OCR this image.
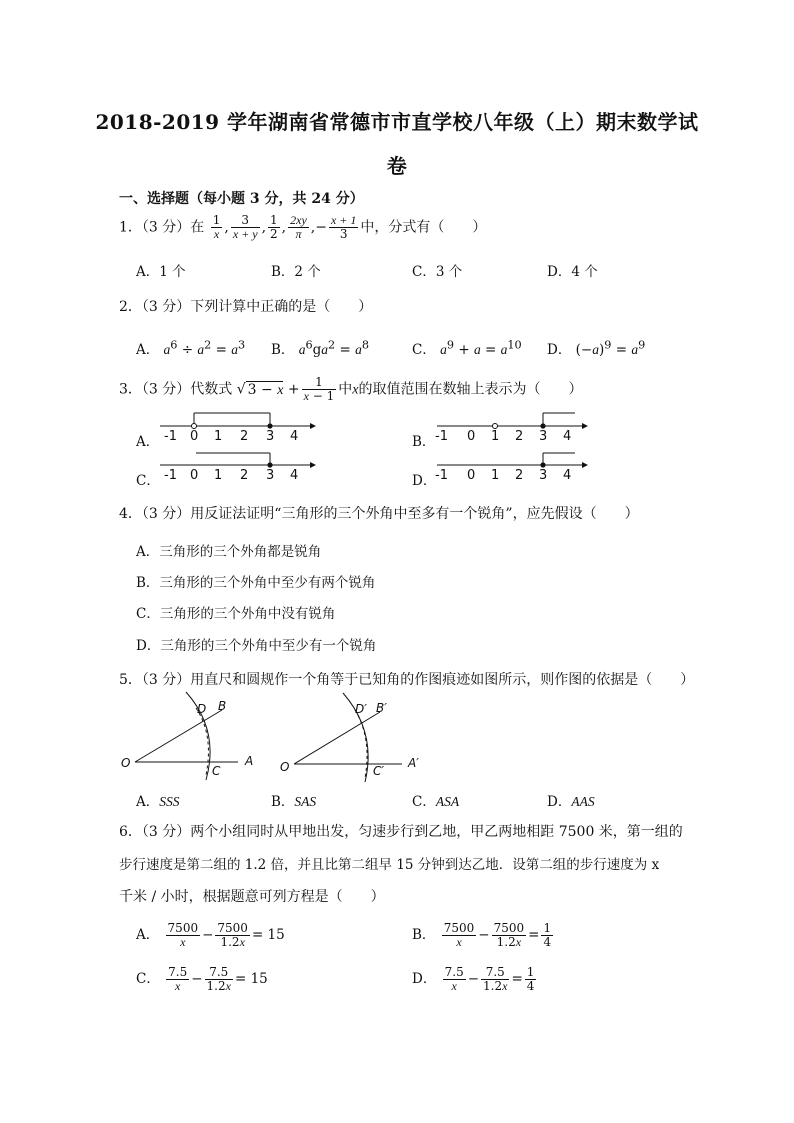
2018-2019 学年湖南省常德市市直学校八年级（上）期末数学试
卷
一、选择题（每小题 3 分，共 24 分）
1．（3 分）在 $\frac{1}{x}$ , $\frac{3}{x + y}$ , $\frac{1}{2}$ , $\frac{2xy}{\pi}$ ,− $\frac{x + 1}{3}$ 中，分式有（　　）
A．1 个	B．2 个	C．3 个	D．4 个
2．（3 分）下列计算中正确的是（　　）
A． $a^6 \div a^2 = a^3$ B． $a^6ga^2 = a^8$	C． $a^9 + a = a^{10}$ D． $(-a)^9 = a^9$
3．（3 分）代数式 √ $3 - x + \frac{1}{x - 1}$ 中x的取值范围在数轴上表示为（　　）
-1 0 1 2 3 4	-1 0 1 2 3 4
-1 0 1 2 3 4	-1 0 1 2 3 4
O
D B
C
A O
D′ B′
C′
A′
A．	B．
C．	D．
4．（3 分）用反证法证明“三角形的三个外角中至多有一个锐角”，应先假设（　　）
A．三角形的三个外角都是锐角
B．三角形的三个外角中至少有两个锐角
C．三角形的三个外角中没有锐角
D．三角形的三个外角中至少有一个锐角
5．（3 分）用直尺和圆规作一个角等于已知角的作图痕迹如图所示，则作图的依据是（　　）
A．SSS	B．SAS	C．ASA	D．AAS
6．（3 分）两个小组同时从甲地出发，匀速步行到乙地，甲乙两地相距 7500 米，第一组的
步行速度是第二组的 1.2 倍，并且比第二组早 15 分钟到达乙地．设第二组的步行速度为 x
千米 / 小时，根据题意可列方程是（　　）
A． $\frac{7500}{x} - \frac{7500}{1.2x} = 15$	B． $\frac{7500}{x} - \frac{7500}{1.2x} = \frac{1}{4}$
C． $\frac{7.5}{x} - \frac{7.5}{1.2x} = 15$	D． $\frac{7.5}{x} - \frac{7.5}{1.2x} = \frac{1}{4}$
